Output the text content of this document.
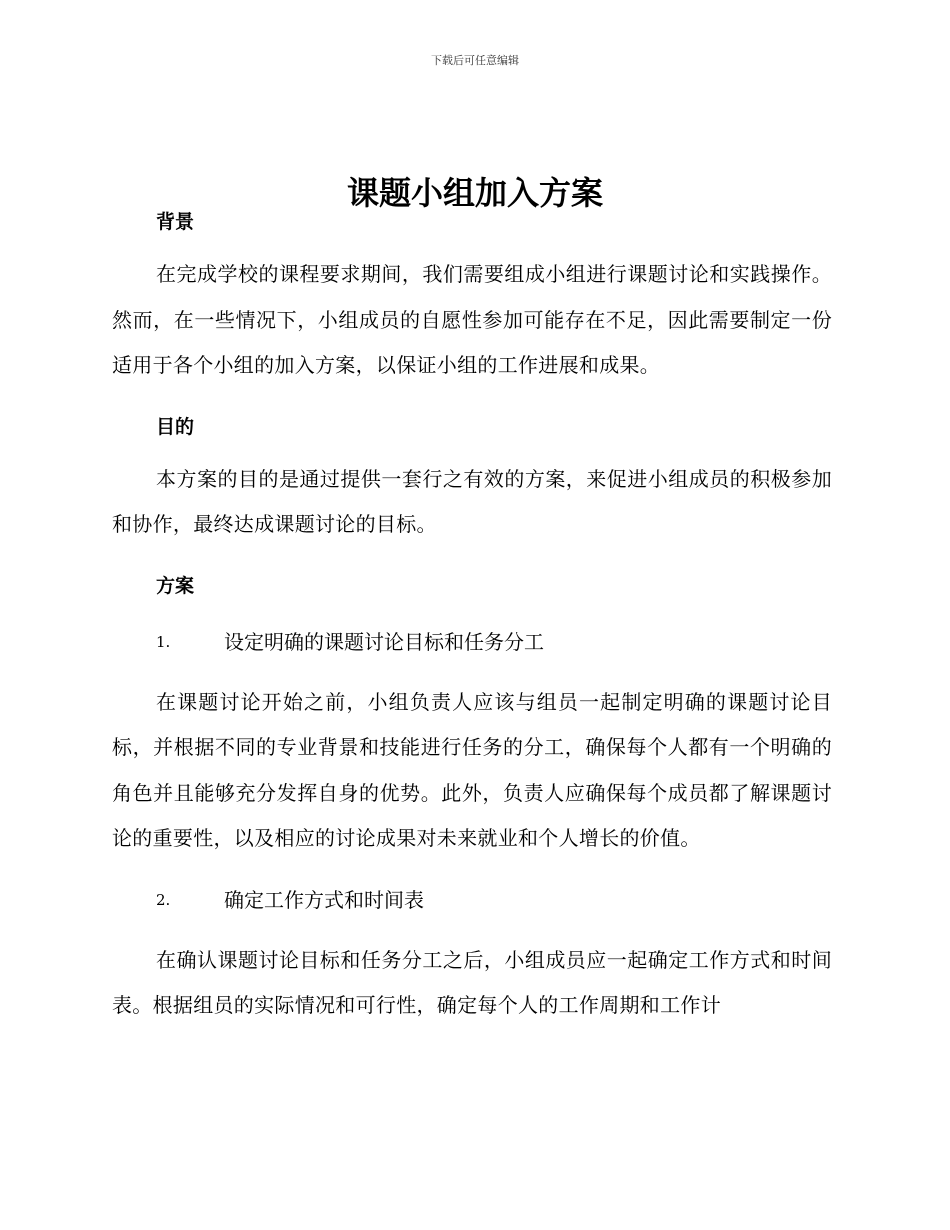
下载后可任意编辑
课题小组加入方案

背景

在完成学校的课程要求期间，我们需要组成小组进行课题讨论和实践操作。然而，在一些情况下，小组成员的自愿性参加可能存在不足，因此需要制定一份适用于各个小组的加入方案，以保证小组的工作进展和成果。

目的

本方案的目的是通过提供一套行之有效的方案，来促进小组成员的积极参加和协作，最终达成课题讨论的目标。

方案

1.	设定明确的课题讨论目标和任务分工

在课题讨论开始之前，小组负责人应该与组员一起制定明确的课题讨论目标，并根据不同的专业背景和技能进行任务的分工，确保每个人都有一个明确的角色并且能够充分发挥自身的优势。此外，负责人应确保每个成员都了解课题讨论的重要性，以及相应的讨论成果对未来就业和个人增长的价值。

2.	确定工作方式和时间表

在确认课题讨论目标和任务分工之后，小组成员应一起确定工作方式和时间表。根据组员的实际情况和可行性，确定每个人的工作周期和工作计
